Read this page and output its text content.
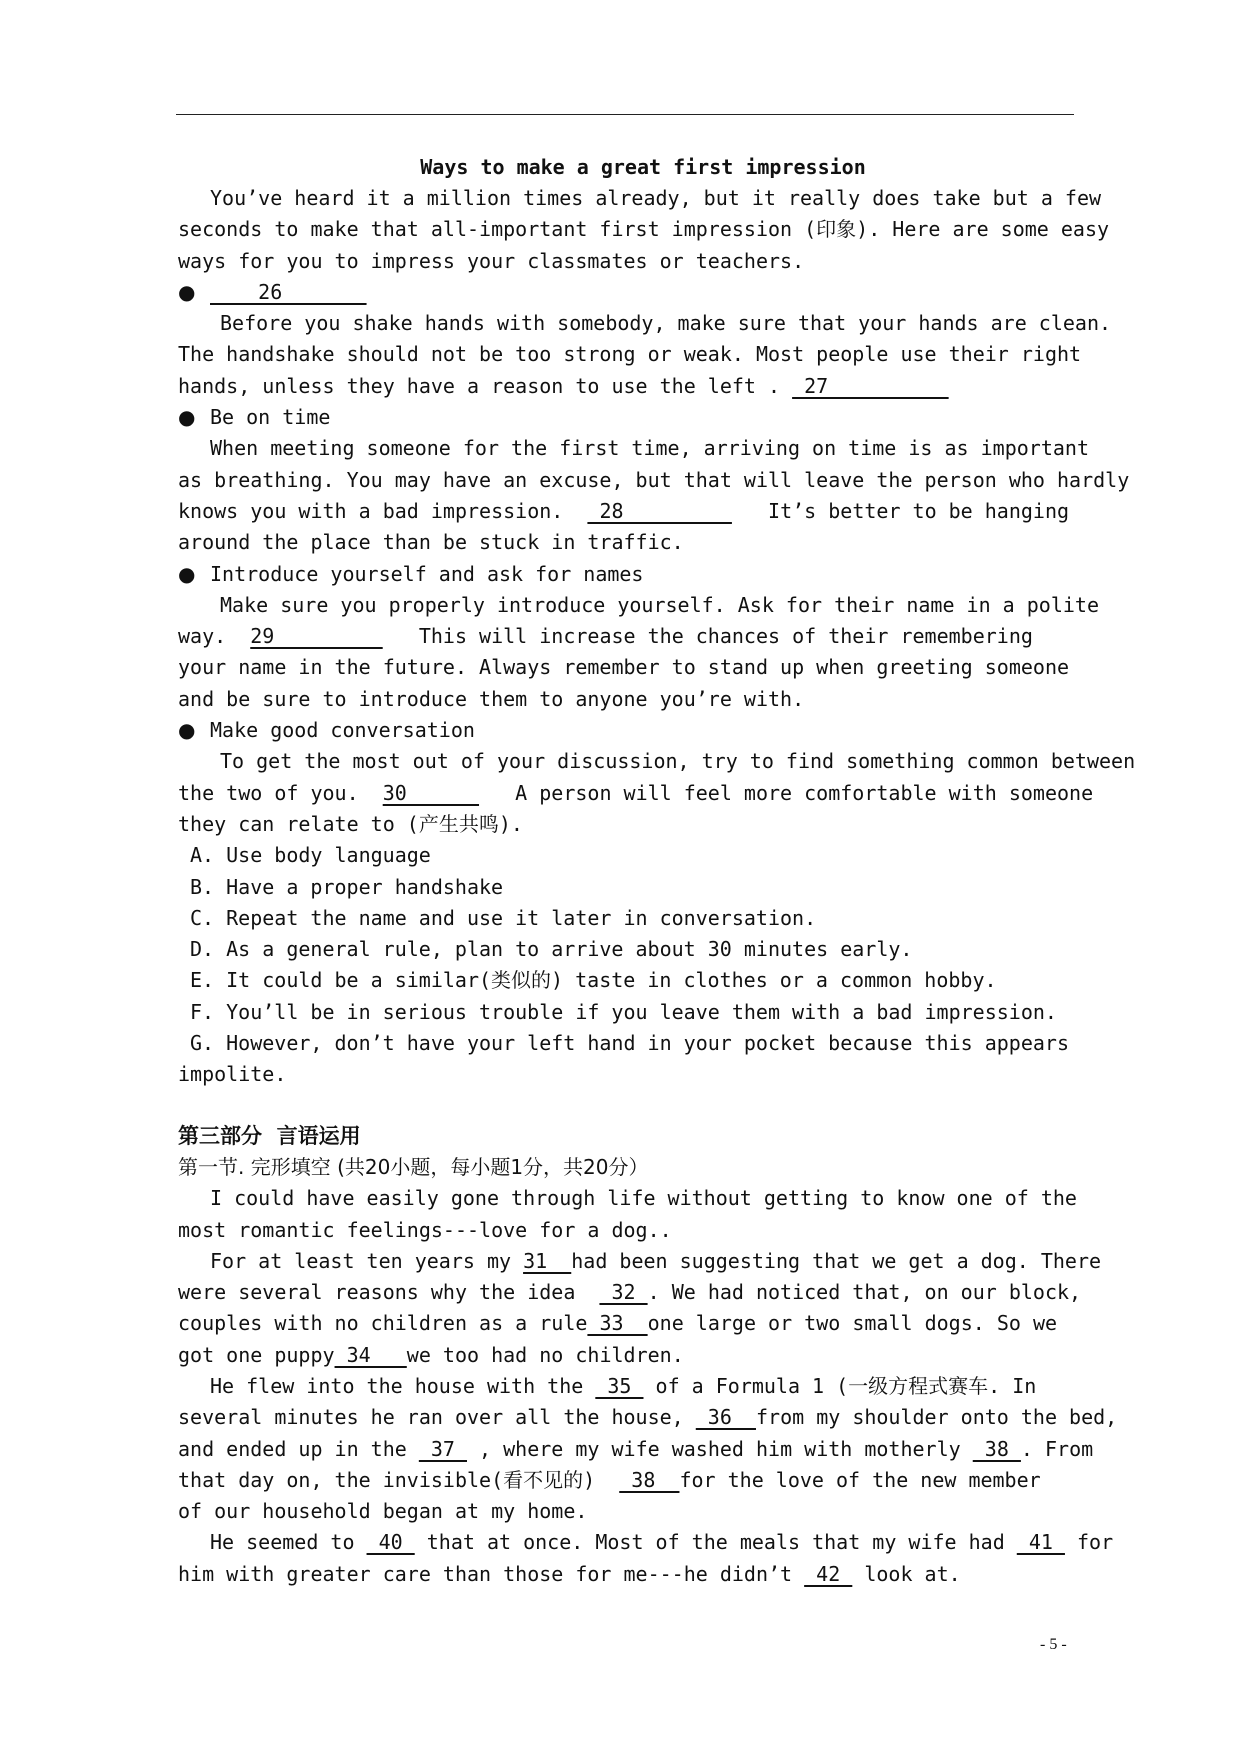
Ways to make a great first impression
You’ve heard it a million times already, but it really does take but a few
seconds to make that all-important first impression (印象). Here are some easy
ways for you to impress your classmates or teachers.
●    26_______
Before you shake hands with somebody, make sure that your hands are clean.
The handshake should not be too strong or weak. Most people use their right
hands, unless they have a reason to use the left .  27
● Be on time
When meeting someone for the first time, arriving on time is as important
as breathing. You may have an excuse, but that will leave the person who hardly
knows you with a bad impression.   28            It’s better to be hanging
around the place than be stuck in traffic.
● Introduce yourself and ask for names
Make sure you properly introduce yourself. Ask for their name in a polite
way.  29            This will increase the chances of their remembering
your name in the future. Always remember to stand up when greeting someone
and be sure to introduce them to anyone you’re with.
● Make good conversation
To get the most out of your discussion, try to find something common between
the two of you.  30         A person will feel more comfortable with someone
they can relate to (产生共鸣).
A. Use body language
B. Have a proper handshake
C. Repeat the name and use it later in conversation.
D. As a general rule, plan to arrive about 30 minutes early.
E. It could be a similar(类似的) taste in clothes or a common hobby.
F. You’ll be in serious trouble if you leave them with a bad impression.
G. However, don’t have your left hand in your pocket because this appears
impolite.
第三部分  言语运用
第一节. 完形填空 (共20小题，每小题1分，共20分）
I could have easily gone through life without getting to know one of the
most romantic feelings---love for a dog..
For at least ten years my 31  had been suggesting that we get a dog. There
were several reasons why the idea   32 . We had noticed that, on our block,
couples with no children as a rule 33  one large or two small dogs. So we
got one puppy 34   we too had no children.
He flew into the house with the  35  of a Formula 1 (一级方程式赛车. In
several minutes he ran over all the house,  36  from my shoulder onto the bed,
and ended up in the  37  , where my wife washed him with motherly  38 . From
that day on, the invisible(看不见的)   38  for the love of the new member
of our household began at my home.
He seemed to  40  that at once. Most of the meals that my wife had  41  for
him with greater care than those for me---he didn’t  42  look at.
- 5 -
